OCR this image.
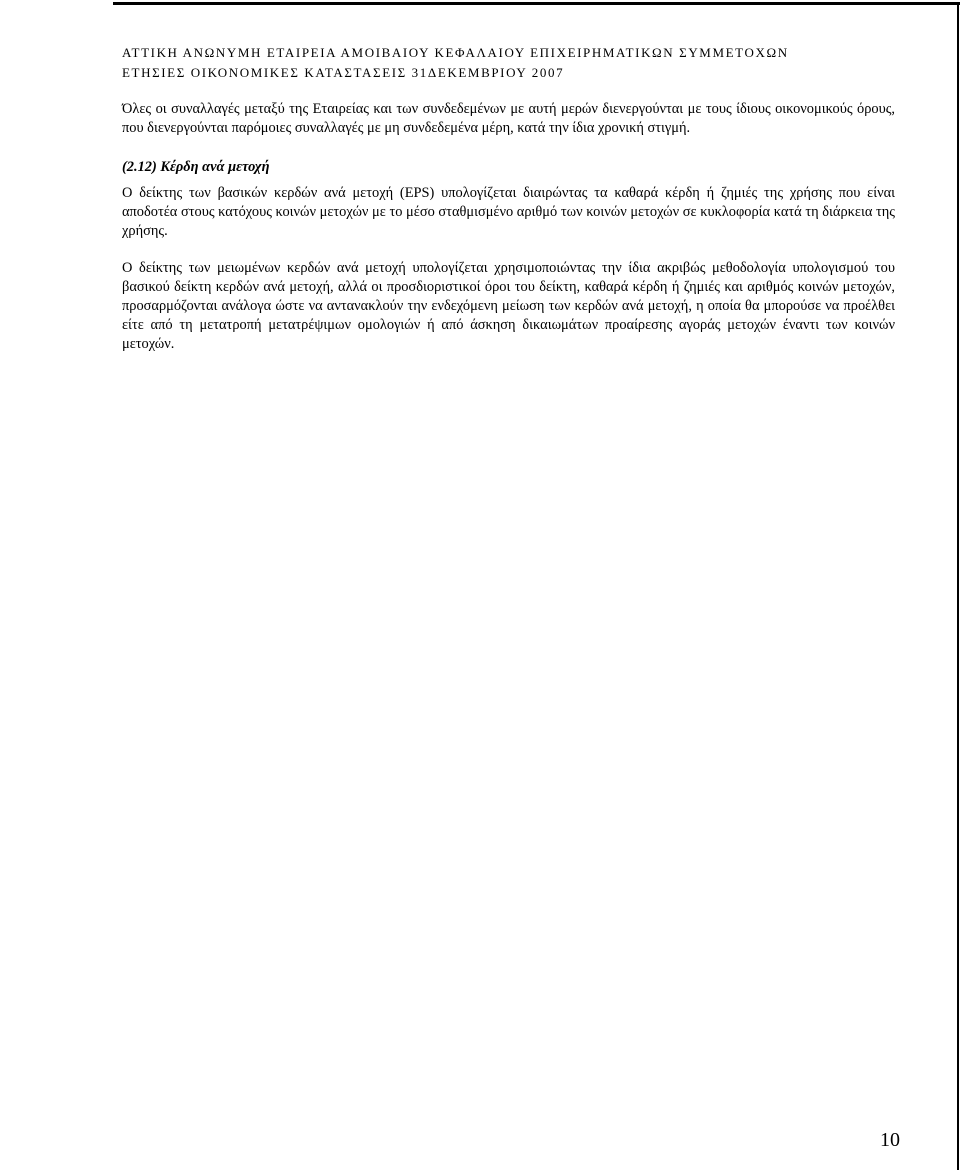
ΑΤΤΙΚΗ ΑΝΩΝΥΜΗ ΕΤΑΙΡΕΙΑ ΑΜΟΙΒΑΙΟΥ ΚΕΦΑΛΑΙΟΥ ΕΠΙΧΕΙΡΗΜΑΤΙΚΩΝ ΣΥΜΜΕΤΟΧΩΝ
ΕΤΗΣΙΕΣ ΟΙΚΟΝΟΜΙΚΕΣ ΚΑΤΑΣΤΑΣΕΙΣ 31ΔΕΚΕΜΒΡΙΟΥ 2007

Όλες οι συναλλαγές μεταξύ της Εταιρείας και των συνδεδεμένων με αυτή μερών διενεργούνται με τους ίδιους οικονομικούς όρους, που διενεργούνται παρόμοιες συναλλαγές με μη συνδεδεμένα μέρη, κατά την ίδια χρονική στιγμή.

(2.12) Κέρδη ανά μετοχή

Ο δείκτης των βασικών κερδών ανά μετοχή (EPS) υπολογίζεται διαιρώντας τα καθαρά κέρδη ή ζημιές της χρήσης που είναι αποδοτέα στους κατόχους κοινών μετοχών με το μέσο σταθμισμένο αριθμό των κοινών μετοχών σε κυκλοφορία κατά τη διάρκεια της χρήσης.

Ο δείκτης των μειωμένων κερδών ανά μετοχή υπολογίζεται χρησιμοποιώντας την ίδια ακριβώς μεθοδολογία υπολογισμού του βασικού δείκτη κερδών ανά μετοχή, αλλά οι προσδιοριστικοί όροι του δείκτη, καθαρά κέρδη ή ζημιές και αριθμός κοινών μετοχών, προσαρμόζονται ανάλογα ώστε να αντανακλούν την ενδεχόμενη μείωση των κερδών ανά μετοχή, η οποία θα μπορούσε να προέλθει είτε από τη μετατροπή μετατρέψιμων ομολογιών ή από άσκηση δικαιωμάτων προαίρεσης αγοράς μετοχών έναντι των κοινών μετοχών.

10
